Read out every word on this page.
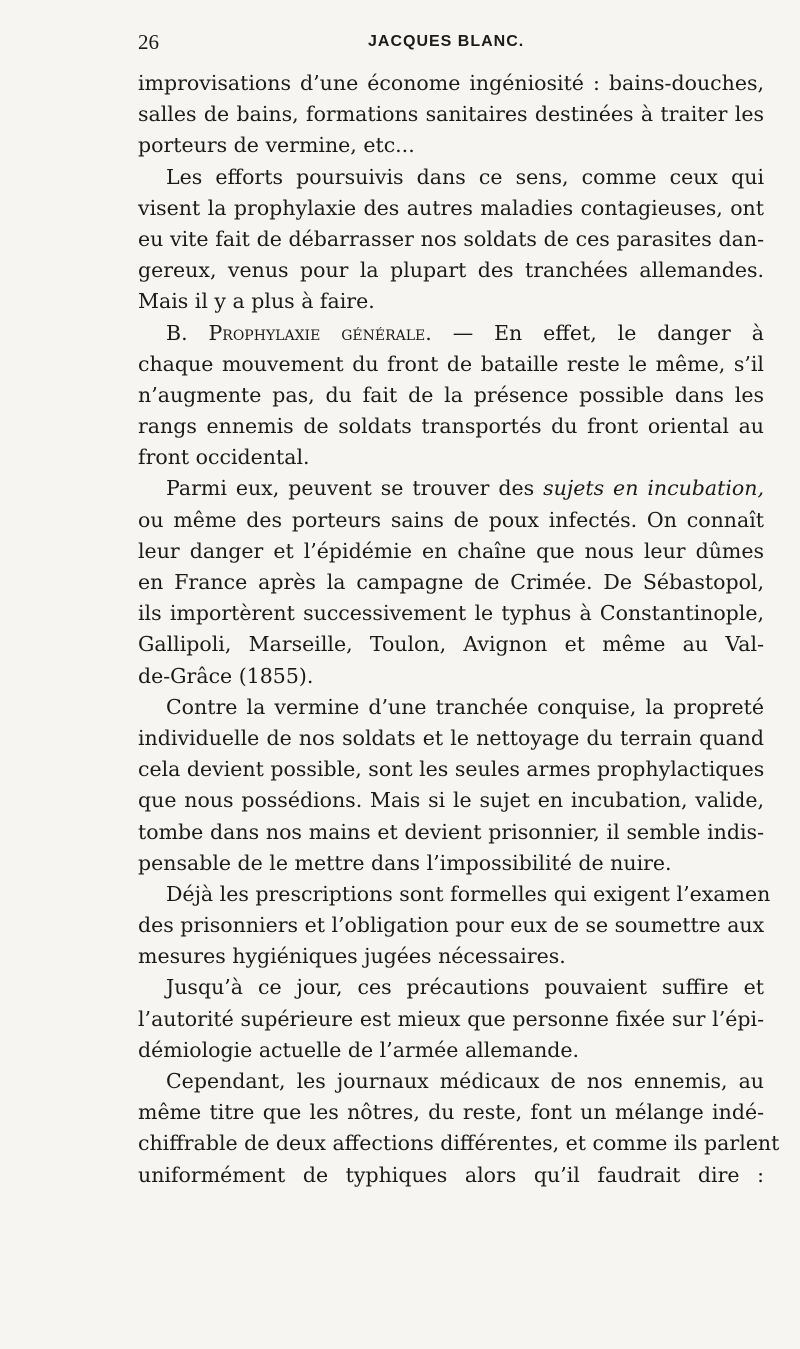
26	JACQUES BLANC.
improvisations d’une économe ingéniosité : bains-douches,
salles de bains, formations sanitaires destinées à traiter les
porteurs de vermine, etc...
Les efforts poursuivis dans ce sens, comme ceux qui
visent la prophylaxie des autres maladies contagieuses, ont
eu vite fait de débarrasser nos soldats de ces parasites dan-
gereux, venus pour la plupart des tranchées allemandes.
Mais il y a plus à faire.
B. Prophylaxie générale. — En effet, le danger à
chaque mouvement du front de bataille reste le même, s’il
n’augmente pas, du fait de la présence possible dans les
rangs ennemis de soldats transportés du front oriental au
front occidental.
Parmi eux, peuvent se trouver des sujets en incubation,
ou même des porteurs sains de poux infectés. On connaît
leur danger et l’épidémie en chaîne que nous leur dûmes
en France après la campagne de Crimée. De Sébastopol,
ils importèrent successivement le typhus à Constantinople,
Gallipoli, Marseille, Toulon, Avignon et même au Val-
de-Grâce (1855).
Contre la vermine d’une tranchée conquise, la propreté
individuelle de nos soldats et le nettoyage du terrain quand
cela devient possible, sont les seules armes prophylactiques
que nous possédions. Mais si le sujet en incubation, valide,
tombe dans nos mains et devient prisonnier, il semble indis-
pensable de le mettre dans l’impossibilité de nuire.
Déjà les prescriptions sont formelles qui exigent l’examen
des prisonniers et l’obligation pour eux de se soumettre aux
mesures hygiéniques jugées nécessaires.
Jusqu’à ce jour, ces précautions pouvaient suffire et
l’autorité supérieure est mieux que personne fixée sur l’épi-
démiologie actuelle de l’armée allemande.
Cependant, les journaux médicaux de nos ennemis, au
même titre que les nôtres, du reste, font un mélange indé-
chiffrable de deux affections différentes, et comme ils parlent
uniformément de typhiques alors qu’il faudrait dire :
